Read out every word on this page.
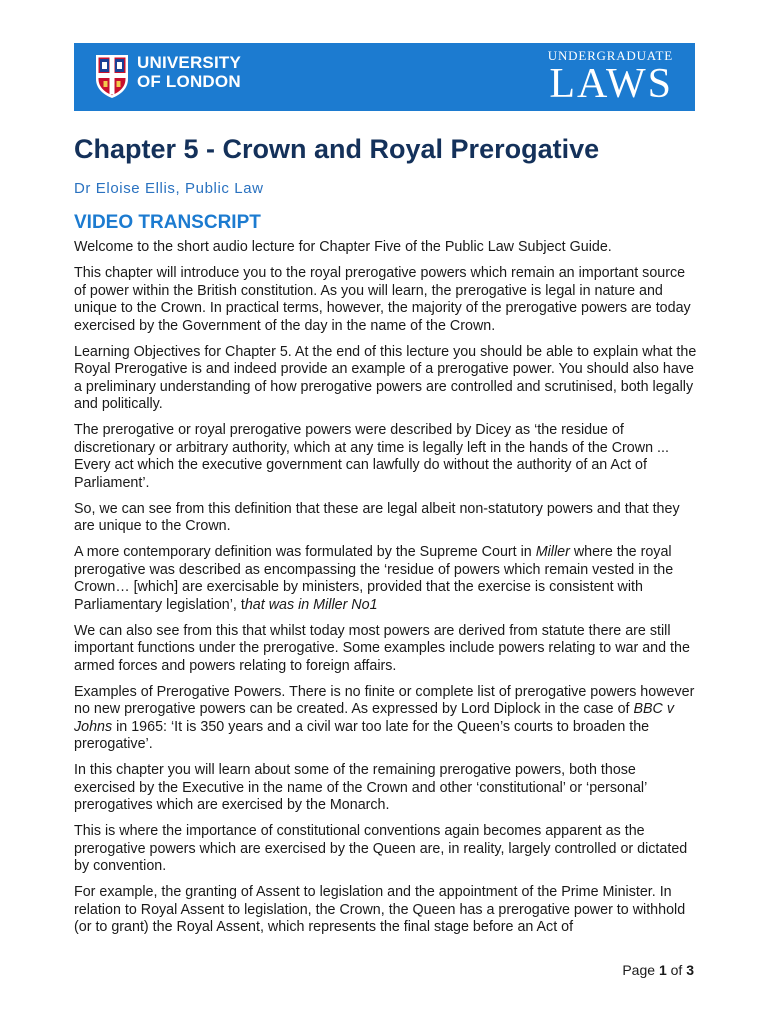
UNIVERSITY
OF LONDON
UNDERGRADUATE
LAWS
Chapter 5 - Crown and Royal Prerogative
Dr Eloise Ellis, Public Law
VIDEO TRANSCRIPT

Welcome to the short audio lecture for Chapter Five of the Public Law Subject Guide.

This chapter will introduce you to the royal prerogative powers which remain an important source of power within the British constitution. As you will learn, the prerogative is legal in nature and unique to the Crown. In practical terms, however, the majority of the prerogative powers are today exercised by the Government of the day in the name of the Crown.

Learning Objectives for Chapter 5. At the end of this lecture you should be able to explain what the Royal Prerogative is and indeed provide an example of a prerogative power. You should also have a preliminary understanding of how prerogative powers are controlled and scrutinised, both legally and politically.

The prerogative or royal prerogative powers were described by Dicey as ‘the residue of discretionary or arbitrary authority, which at any time is legally left in the hands of the Crown ... Every act which the executive government can lawfully do without the authority of an Act of Parliament’.

So, we can see from this definition that these are legal albeit non-statutory powers and that they are unique to the Crown.

A more contemporary definition was formulated by the Supreme Court in Miller where the royal prerogative was described as encompassing the ‘residue of powers which remain vested in the Crown… [which] are exercisable by ministers, provided that the exercise is consistent with Parliamentary legislation’, that was in Miller No1

We can also see from this that whilst today most powers are derived from statute there are still important functions under the prerogative. Some examples include powers relating to war and the armed forces and powers relating to foreign affairs.

Examples of Prerogative Powers. There is no finite or complete list of prerogative powers however no new prerogative powers can be created. As expressed by Lord Diplock in the case of BBC v Johns in 1965: ‘It is 350 years and a civil war too late for the Queen’s courts to broaden the prerogative’.

In this chapter you will learn about some of the remaining prerogative powers, both those exercised by the Executive in the name of the Crown and other ‘constitutional’ or ‘personal’ prerogatives which are exercised by the Monarch.

This is where the importance of constitutional conventions again becomes apparent as the prerogative powers which are exercised by the Queen are, in reality, largely controlled or dictated by convention.

For example, the granting of Assent to legislation and the appointment of the Prime Minister. In relation to Royal Assent to legislation, the Crown, the Queen has a prerogative power to withhold (or to grant) the Royal Assent, which represents the final stage before an Act of

Page 1 of 3
